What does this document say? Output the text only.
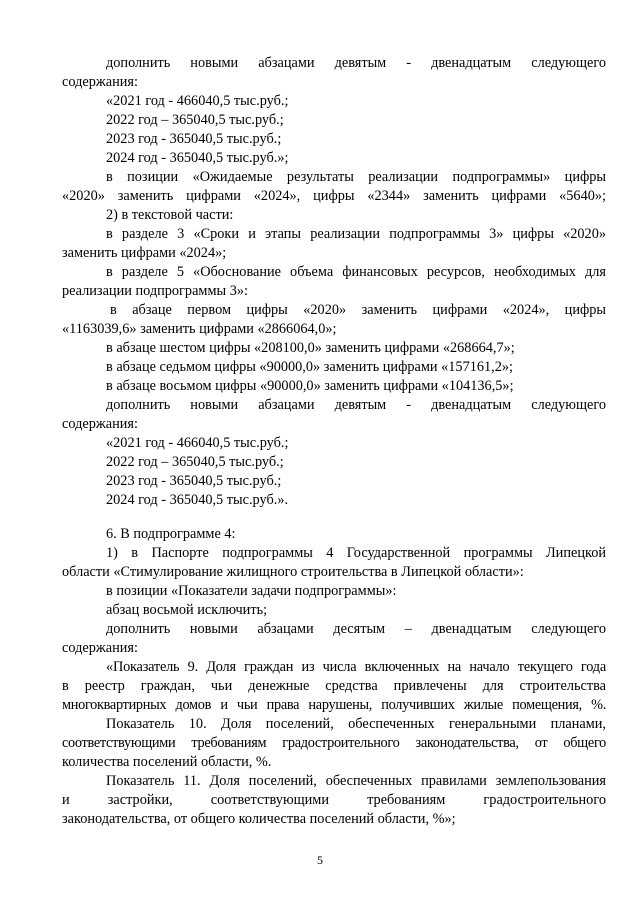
дополнить новыми абзацами девятым - двенадцатым следующего
содержания:
«2021 год - 466040,5 тыс.руб.;
2022 год – 365040,5 тыс.руб.;
2023 год - 365040,5 тыс.руб.;
2024 год - 365040,5 тыс.руб.»;
в позиции «Ожидаемые результаты реализации подпрограммы» цифры
«2020» заменить цифрами «2024», цифры «2344» заменить цифрами «5640»;
2) в текстовой части:
в разделе 3 «Сроки и этапы реализации подпрограммы 3» цифры «2020»
заменить цифрами «2024»;
в разделе 5 «Обоснование объема финансовых ресурсов, необходимых для
реализации подпрограммы 3»:
в абзаце первом цифры «2020» заменить цифрами «2024», цифры
«1163039,6» заменить цифрами «2866064,0»;
в абзаце шестом цифры «208100,0» заменить цифрами «268664,7»;
в абзаце седьмом цифры «90000,0» заменить цифрами «157161,2»;
в абзаце восьмом цифры «90000,0» заменить цифрами «104136,5»;
дополнить новыми абзацами девятым - двенадцатым следующего
содержания:
«2021 год - 466040,5 тыс.руб.;
2022 год – 365040,5 тыс.руб.;
2023 год - 365040,5 тыс.руб.;
2024 год - 365040,5 тыс.руб.».
6. В подпрограмме 4:
1) в Паспорте подпрограммы 4 Государственной программы Липецкой
области «Стимулирование жилищного строительства в Липецкой области»:
в позиции «Показатели задачи подпрограммы»:
абзац восьмой исключить;
дополнить новыми абзацами десятым – двенадцатым следующего
содержания:
«Показатель 9. Доля граждан из числа включенных на начало текущего года
в реестр граждан, чьи денежные средства привлечены для строительства
многоквартирных домов и чьи права нарушены, получивших жилые помещения, %.
Показатель 10. Доля поселений, обеспеченных генеральными планами,
соответствующими требованиям градостроительного законодательства, от общего
количества поселений области, %.
Показатель 11. Доля поселений, обеспеченных правилами землепользования
и застройки, соответствующими требованиям градостроительного
законодательства, от общего количества поселений области, %»;
5
